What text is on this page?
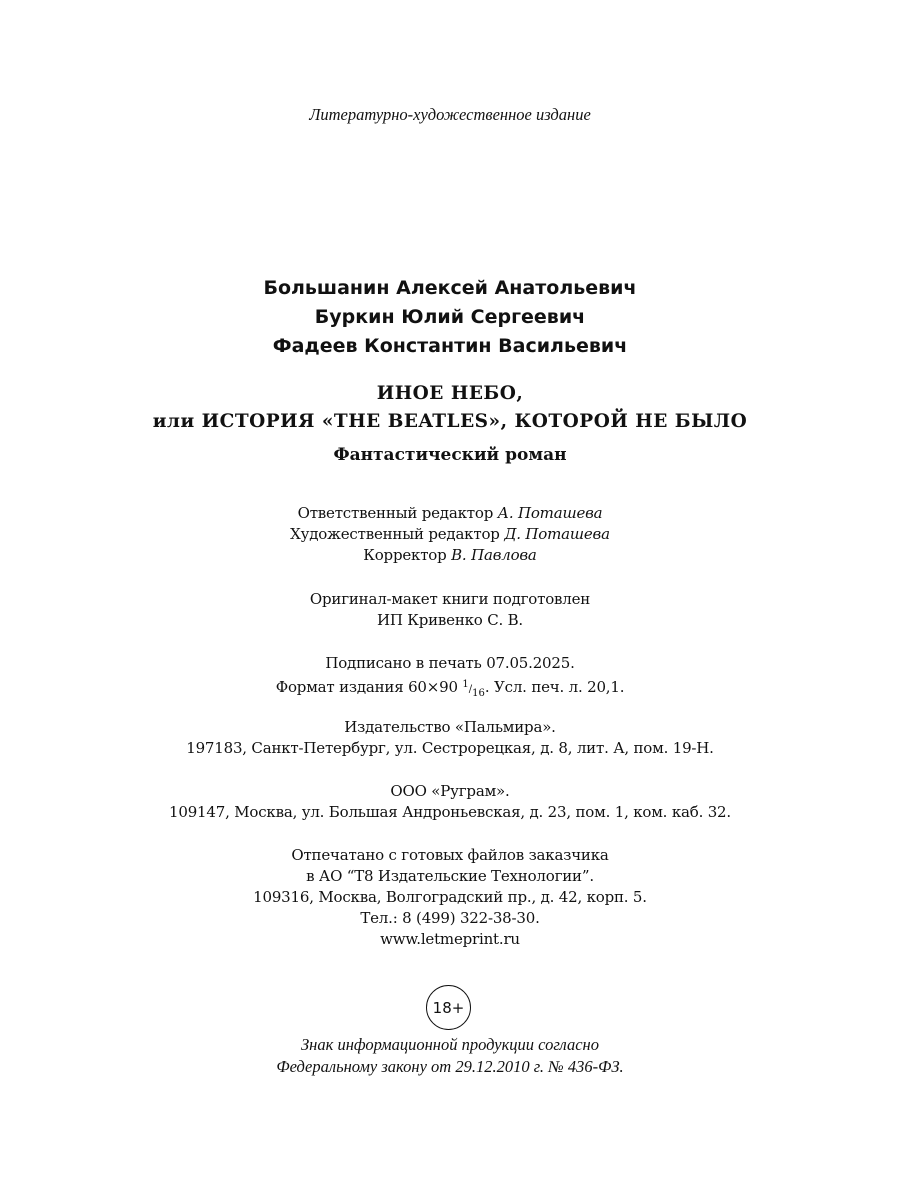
Литературно-художественное издание

Большанин Алексей Анатольевич

Буркин Юлий Сергеевич

Фадеев Константин Васильевич

ИНОЕ НЕБО,

или ИСТОРИЯ «THE BEATLES», КОТОРОЙ НЕ БЫЛО

Фантастический роман

Ответственный редактор А. Поташева

Художественный редактор Д. Поташева

Корректор В. Павлова

Оригинал-макет книги подготовлен

ИП Кривенко С. В.

Подписано в печать 07.05.2025.

Формат издания 60×90 1/16. Усл. печ. л. 20,1.

Издательство «Пальмира».

197183, Санкт-Петербург, ул. Сестрорецкая, д. 8, лит. А, пом. 19-Н.

ООО «Руграм».

109147, Москва, ул. Большая Андроньевская, д. 23, пом. 1, ком. каб. 32.

Отпечатано с готовых файлов заказчика

в АО “Т8 Издательские Технологии”.

109316, Москва, Волгоградский пр., д. 42, корп. 5.

Тел.: 8 (499) 322-38-30.

www.letmeprint.ru

18+

Знак информационной продукции согласно

Федеральному закону от 29.12.2010 г. № 436-ФЗ.
